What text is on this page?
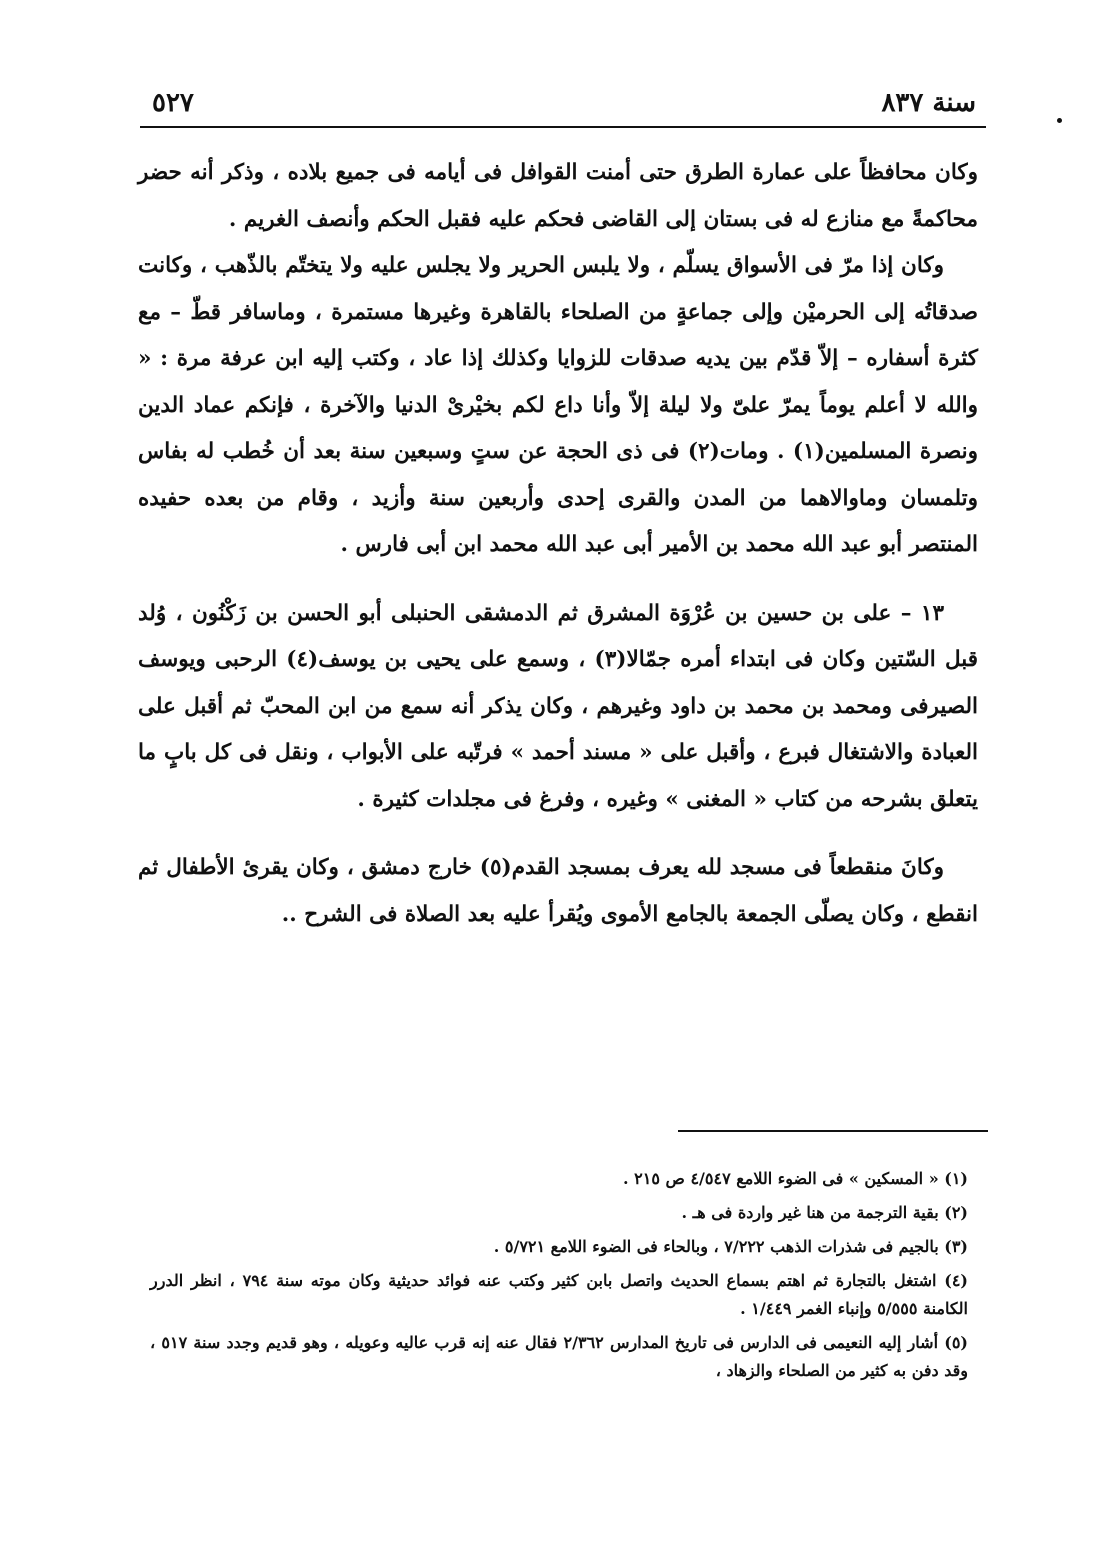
سنة ٨٣٧
٥٢٧

وكان محافظاً على عمارة الطرق حتى أمنت القوافل فى أيامه فى جميع بلاده ، وذكر أنه حضر محاكمةً مع منازع له فى بستان إلى القاضى فحكم عليه فقبل الحكم وأنصف الغريم .

وكان إذا مرّ فى الأسواق يسلّم ، ولا يلبس الحرير ولا يجلس عليه ولا يتختّم بالذّهب ، وكانت صدقاتُه إلى الحرميْن وإلى جماعةٍ من الصلحاء بالقاهرة وغيرها مستمرة ، وماسافر قطّ – مع كثرة أسفاره – إلاّ قدّم بين يديه صدقات للزوايا وكذلك إذا عاد ، وكتب إليه ابن عرفة مرة : « والله لا أعلم يوماً يمرّ علىّ ولا ليلة إلاّ وأنا داع لكم بخيْرىْ الدنيا والآخرة ، فإنكم عماد الدين ونصرة المسلمين(١) . ومات(٢) فى ذى الحجة عن ستٍ وسبعين سنة بعد أن خُطب له بفاس وتلمسان وماوالاهما من المدن والقرى إحدى وأربعين سنة وأزيد ، وقام من بعده حفيده المنتصر أبو عبد الله محمد بن الأمير أبى عبد الله محمد ابن أبى فارس .

١٣ – على بن حسين بن عُرْوَة المشرق ثم الدمشقى الحنبلى أبو الحسن بن زَكْنُون ، وُلد قبل السّتين وكان فى ابتداء أمره جمّالا(٣) ، وسمع على يحيى بن يوسف(٤) الرحبى ويوسف الصيرفى ومحمد بن محمد بن داود وغيرهم ، وكان يذكر أنه سمع من ابن المحبّ ثم أقبل على العبادة والاشتغال فبرع ، وأقبل على « مسند أحمد » فرتّبه على الأبواب ، ونقل فى كل بابٍ ما يتعلق بشرحه من كتاب « المغنى » وغيره ، وفرغ فى مجلدات كثيرة .

وكانَ منقطعاً فى مسجد لله يعرف بمسجد القدم(٥) خارج دمشق ، وكان يقرئ الأطفال ثم انقطع ، وكان يصلّى الجمعة بالجامع الأموى ويُقرأ عليه بعد الصلاة فى الشرح ..

(١) « المسكين » فى الضوء اللامع ٤/٥٤٧ ص ٢١٥ .

(٢) بقية الترجمة من هنا غير واردة فى هـ .

(٣) بالجيم فى شذرات الذهب ٧/٢٢٢ ، وبالحاء فى الضوء اللامع ٥/٧٢١ .

(٤) اشتغل بالتجارة ثم اهتم بسماع الحديث واتصل بابن كثير وكتب عنه فوائد حديثية وكان موته سنة ٧٩٤ ، انظر الدرر الكامنة ٥/٥٥٥ وإنباء الغمر ١/٤٤٩ .

(٥) أشار إليه النعيمى فى الدارس فى تاريخ المدارس ٢/٣٦٢ فقال عنه إنه قرب عاليه وعويله ، وهو قديم وجدد سنة ٥١٧ ، وقد دفن به كثير من الصلحاء والزهاد ،
